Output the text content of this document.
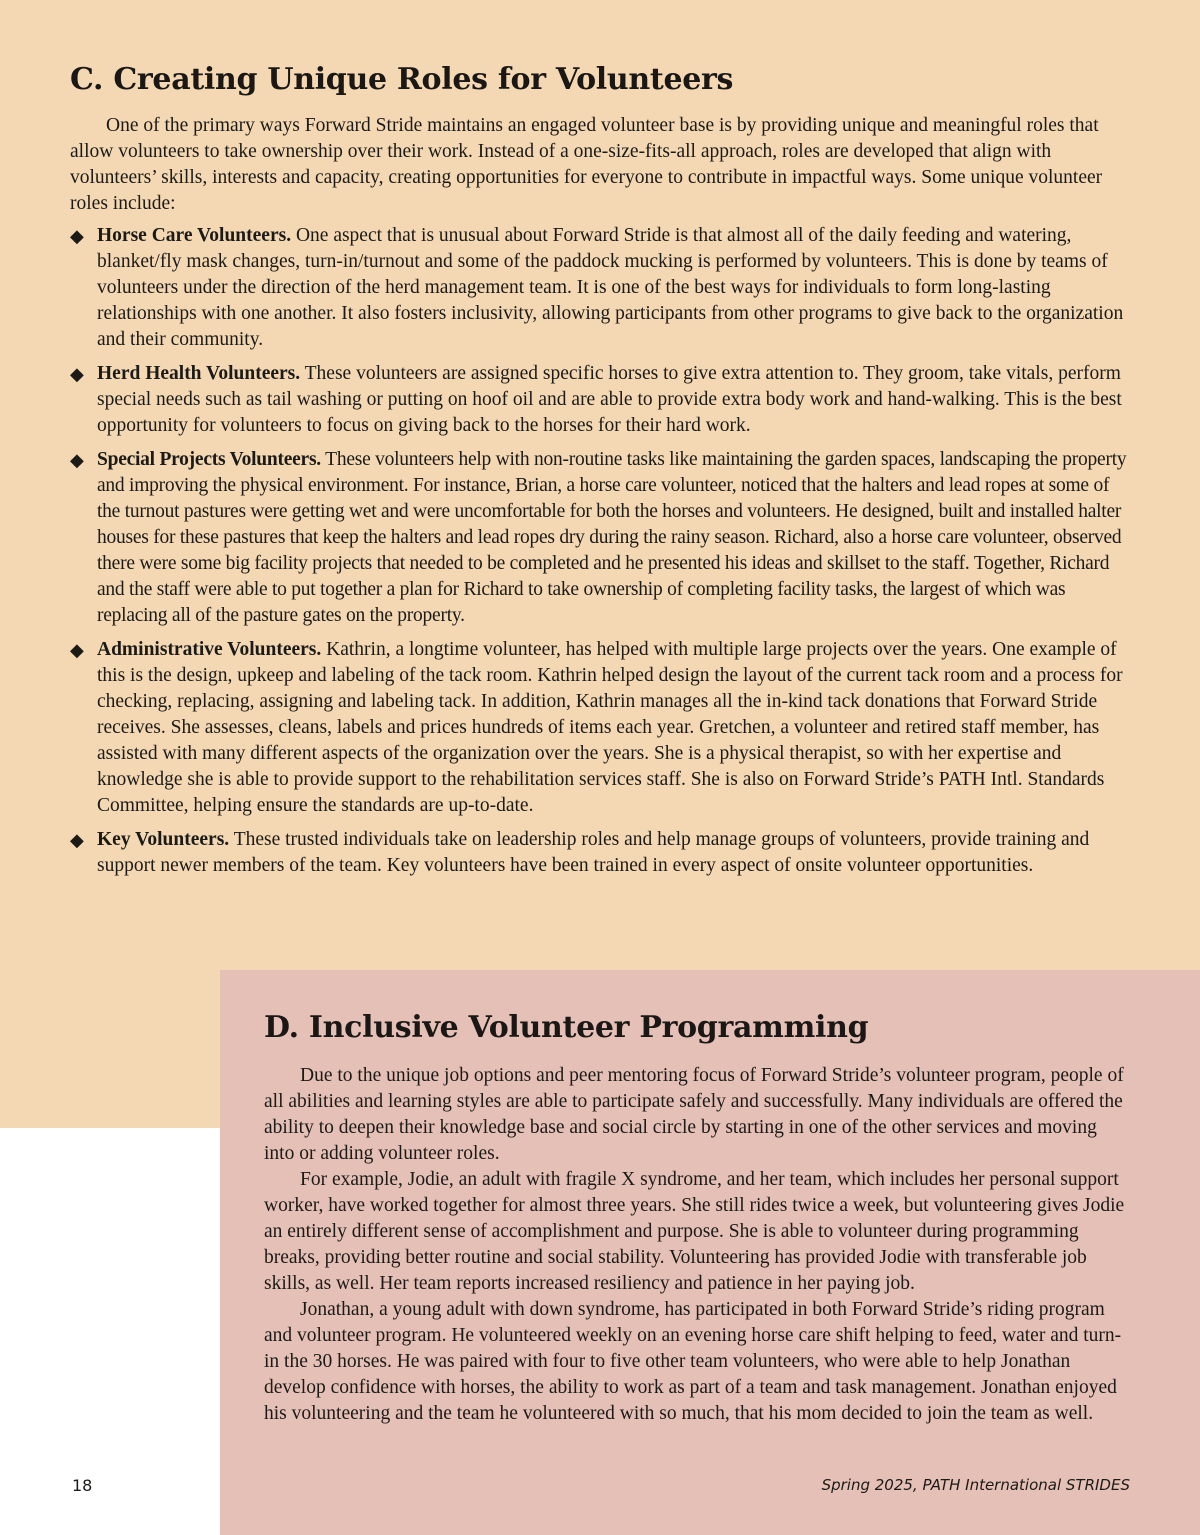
C. Creating Unique Roles for Volunteers

One of the primary ways Forward Stride maintains an engaged volunteer base is by providing unique and meaningful roles that allow volunteers to take ownership over their work. Instead of a one-size-fits-all approach, roles are developed that align with volunteers’ skills, interests and capacity, creating opportunities for everyone to contribute in impactful ways. Some unique volunteer roles include:

◆ Horse Care Volunteers. One aspect that is unusual about Forward Stride is that almost all of the daily feeding and watering, blanket/fly mask changes, turn-in/turnout and some of the paddock mucking is performed by volunteers. This is done by teams of volunteers under the direction of the herd management team. It is one of the best ways for individuals to form long-lasting relationships with one another. It also fosters inclusivity, allowing participants from other programs to give back to the organization and their community.
◆ Herd Health Volunteers. These volunteers are assigned specific horses to give extra attention to. They groom, take vitals, perform special needs such as tail washing or putting on hoof oil and are able to provide extra body work and hand-walking. This is the best opportunity for volunteers to focus on giving back to the horses for their hard work.
◆ Special Projects Volunteers. These volunteers help with non-routine tasks like maintaining the garden spaces, landscaping the property and improving the physical environment. For instance, Brian, a horse care volunteer, noticed that the halters and lead ropes at some of the turnout pastures were getting wet and were uncomfortable for both the horses and volunteers. He designed, built and installed halter houses for these pastures that keep the halters and lead ropes dry during the rainy season. Richard, also a horse care volunteer, observed there were some big facility projects that needed to be completed and he presented his ideas and skillset to the staff. Together, Richard and the staff were able to put together a plan for Richard to take ownership of completing facility tasks, the largest of which was replacing all of the pasture gates on the property.
◆ Administrative Volunteers. Kathrin, a longtime volunteer, has helped with multiple large projects over the years. One example of this is the design, upkeep and labeling of the tack room. Kathrin helped design the layout of the current tack room and a process for checking, replacing, assigning and labeling tack. In addition, Kathrin manages all the in-kind tack donations that Forward Stride receives. She assesses, cleans, labels and prices hundreds of items each year. Gretchen, a volunteer and retired staff member, has assisted with many different aspects of the organization over the years. She is a physical therapist, so with her expertise and knowledge she is able to provide support to the rehabilitation services staff. She is also on Forward Stride’s PATH Intl. Standards Committee, helping ensure the standards are up-to-date.
◆ Key Volunteers. These trusted individuals take on leadership roles and help manage groups of volunteers, provide training and support newer members of the team. Key volunteers have been trained in every aspect of onsite volunteer opportunities.
D. Inclusive Volunteer Programming

Due to the unique job options and peer mentoring focus of Forward Stride’s volunteer program, people of all abilities and learning styles are able to participate safely and successfully. Many individuals are offered the ability to deepen their knowledge base and social circle by starting in one of the other services and moving into or adding volunteer roles.

For example, Jodie, an adult with fragile X syndrome, and her team, which includes her personal support worker, have worked together for almost three years. She still rides twice a week, but volunteering gives Jodie an entirely different sense of accomplishment and purpose. She is able to volunteer during programming breaks, providing better routine and social stability. Volunteering has provided Jodie with transferable job skills, as well. Her team reports increased resiliency and patience in her paying job.

Jonathan, a young adult with down syndrome, has participated in both Forward Stride’s riding program and volunteer program. He volunteered weekly on an evening horse care shift helping to feed, water and turn-in the 30 horses. He was paired with four to five other team volunteers, who were able to help Jonathan develop confidence with horses, the ability to work as part of a team and task management. Jonathan enjoyed his volunteering and the team he volunteered with so much, that his mom decided to join the team as well.

18	Spring 2025, PATH International STRIDES
